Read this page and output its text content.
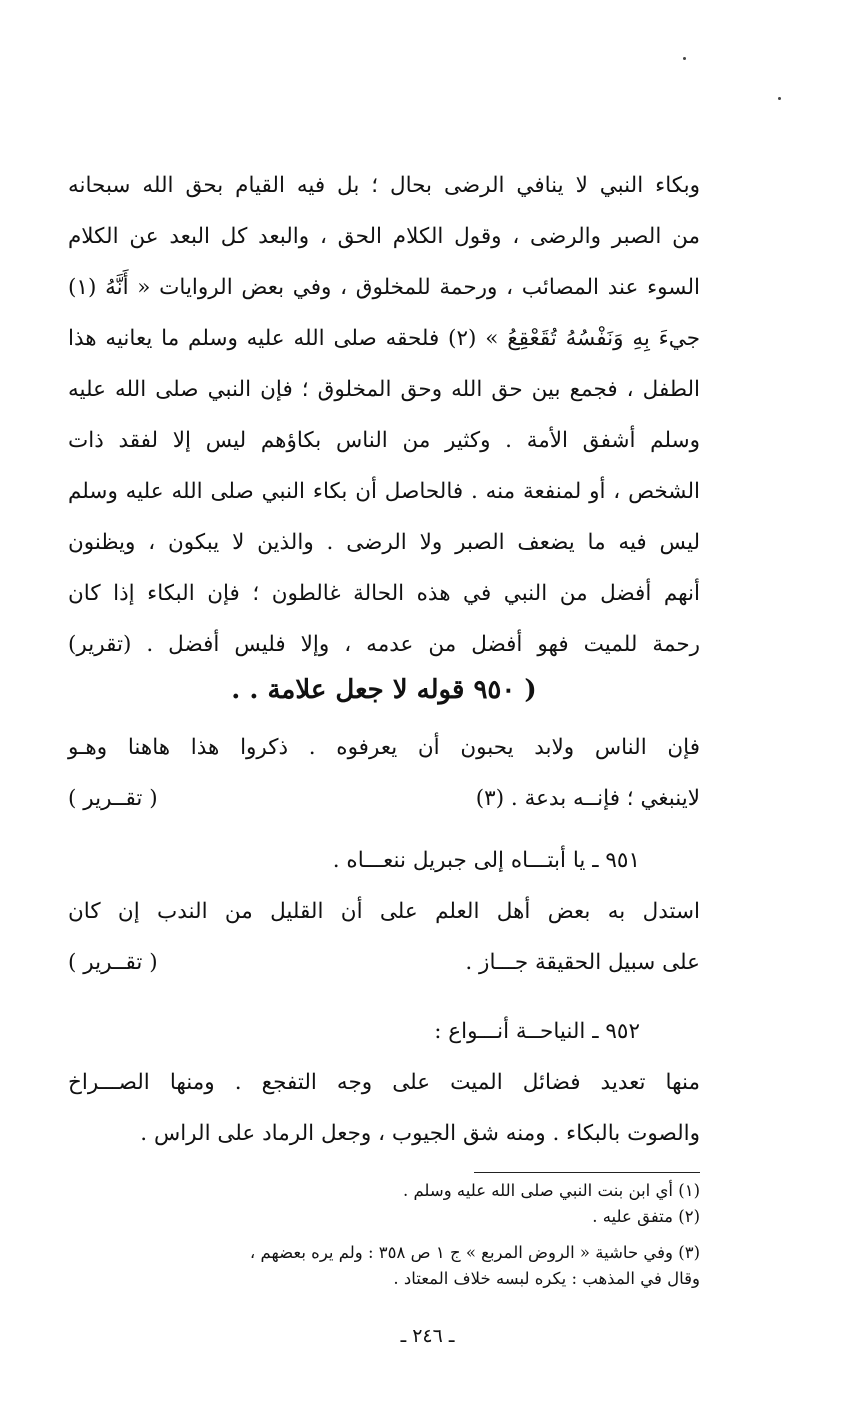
وبكاء النبي لا ينافي الرضى بحال ؛ بل فيه القيام بحق الله سبحانه
من الصبر والرضى ، وقول الكلام الحق ، والبعد كل البعد عن الكلام
السوء عند المصائب ، ورحمة للمخلوق ، وفي بعض الروايات « أَنَّهُ (١)
جيءَ بِهِ وَنَفْسُهُ تُقَعْقِعُ » (٢) فلحقه صلى الله عليه وسلم ما يعانيه هذا
الطفل ، فجمع بين حق الله وحق المخلوق ؛ فإن النبي صلى الله عليه
وسلم أشفق الأمة . وكثير من الناس بكاؤهم ليس إلا لفقد ذات
الشخص ، أو لمنفعة منه . فالحاصل أن بكاء النبي صلى الله عليه وسلم
ليس فيه ما يضعف الصبر ولا الرضى . والذين لا يبكون ، ويظنون
أنهم أفضل من النبي في هذه الحالة غالطون ؛ فإن البكاء إذا كان
رحمة للميت فهو أفضل من عدمه ، وإلا فليس أفضل . (تقرير)
( ٩٥٠ قوله لا جعل علامة . .
فإن الناس ولابد يحبون أن يعرفوه . ذكروا هذا هاهنا وهـو
لاينبغي ؛ فإنــه بدعة . (٣)
( تقــرير )
٩٥١ ـ يا أبتـــاه إلى جبريل ننعـــاه .
استدل به بعض أهل العلم على أن القليل من الندب إن كان
على سبيل الحقيقة جـــاز .
( تقــرير )
٩٥٢ ـ النياحــة أنـــواع :
منها تعديد فضائل الميت على وجه التفجع . ومنها الصـــراخ
والصوت بالبكاء . ومنه شق الجيوب ، وجعل الرماد على الراس .
(١) أي ابن بنت النبي صلى الله عليه وسلم .
(٢) متفق عليه .
(٣) وفي حاشية « الروض المربع » ج ١ ص ٣٥٨ : ولم يره بعضهم ،
وقال في المذهب : يكره لبسه خلاف المعتاد .
ـ ٢٤٦ ـ
